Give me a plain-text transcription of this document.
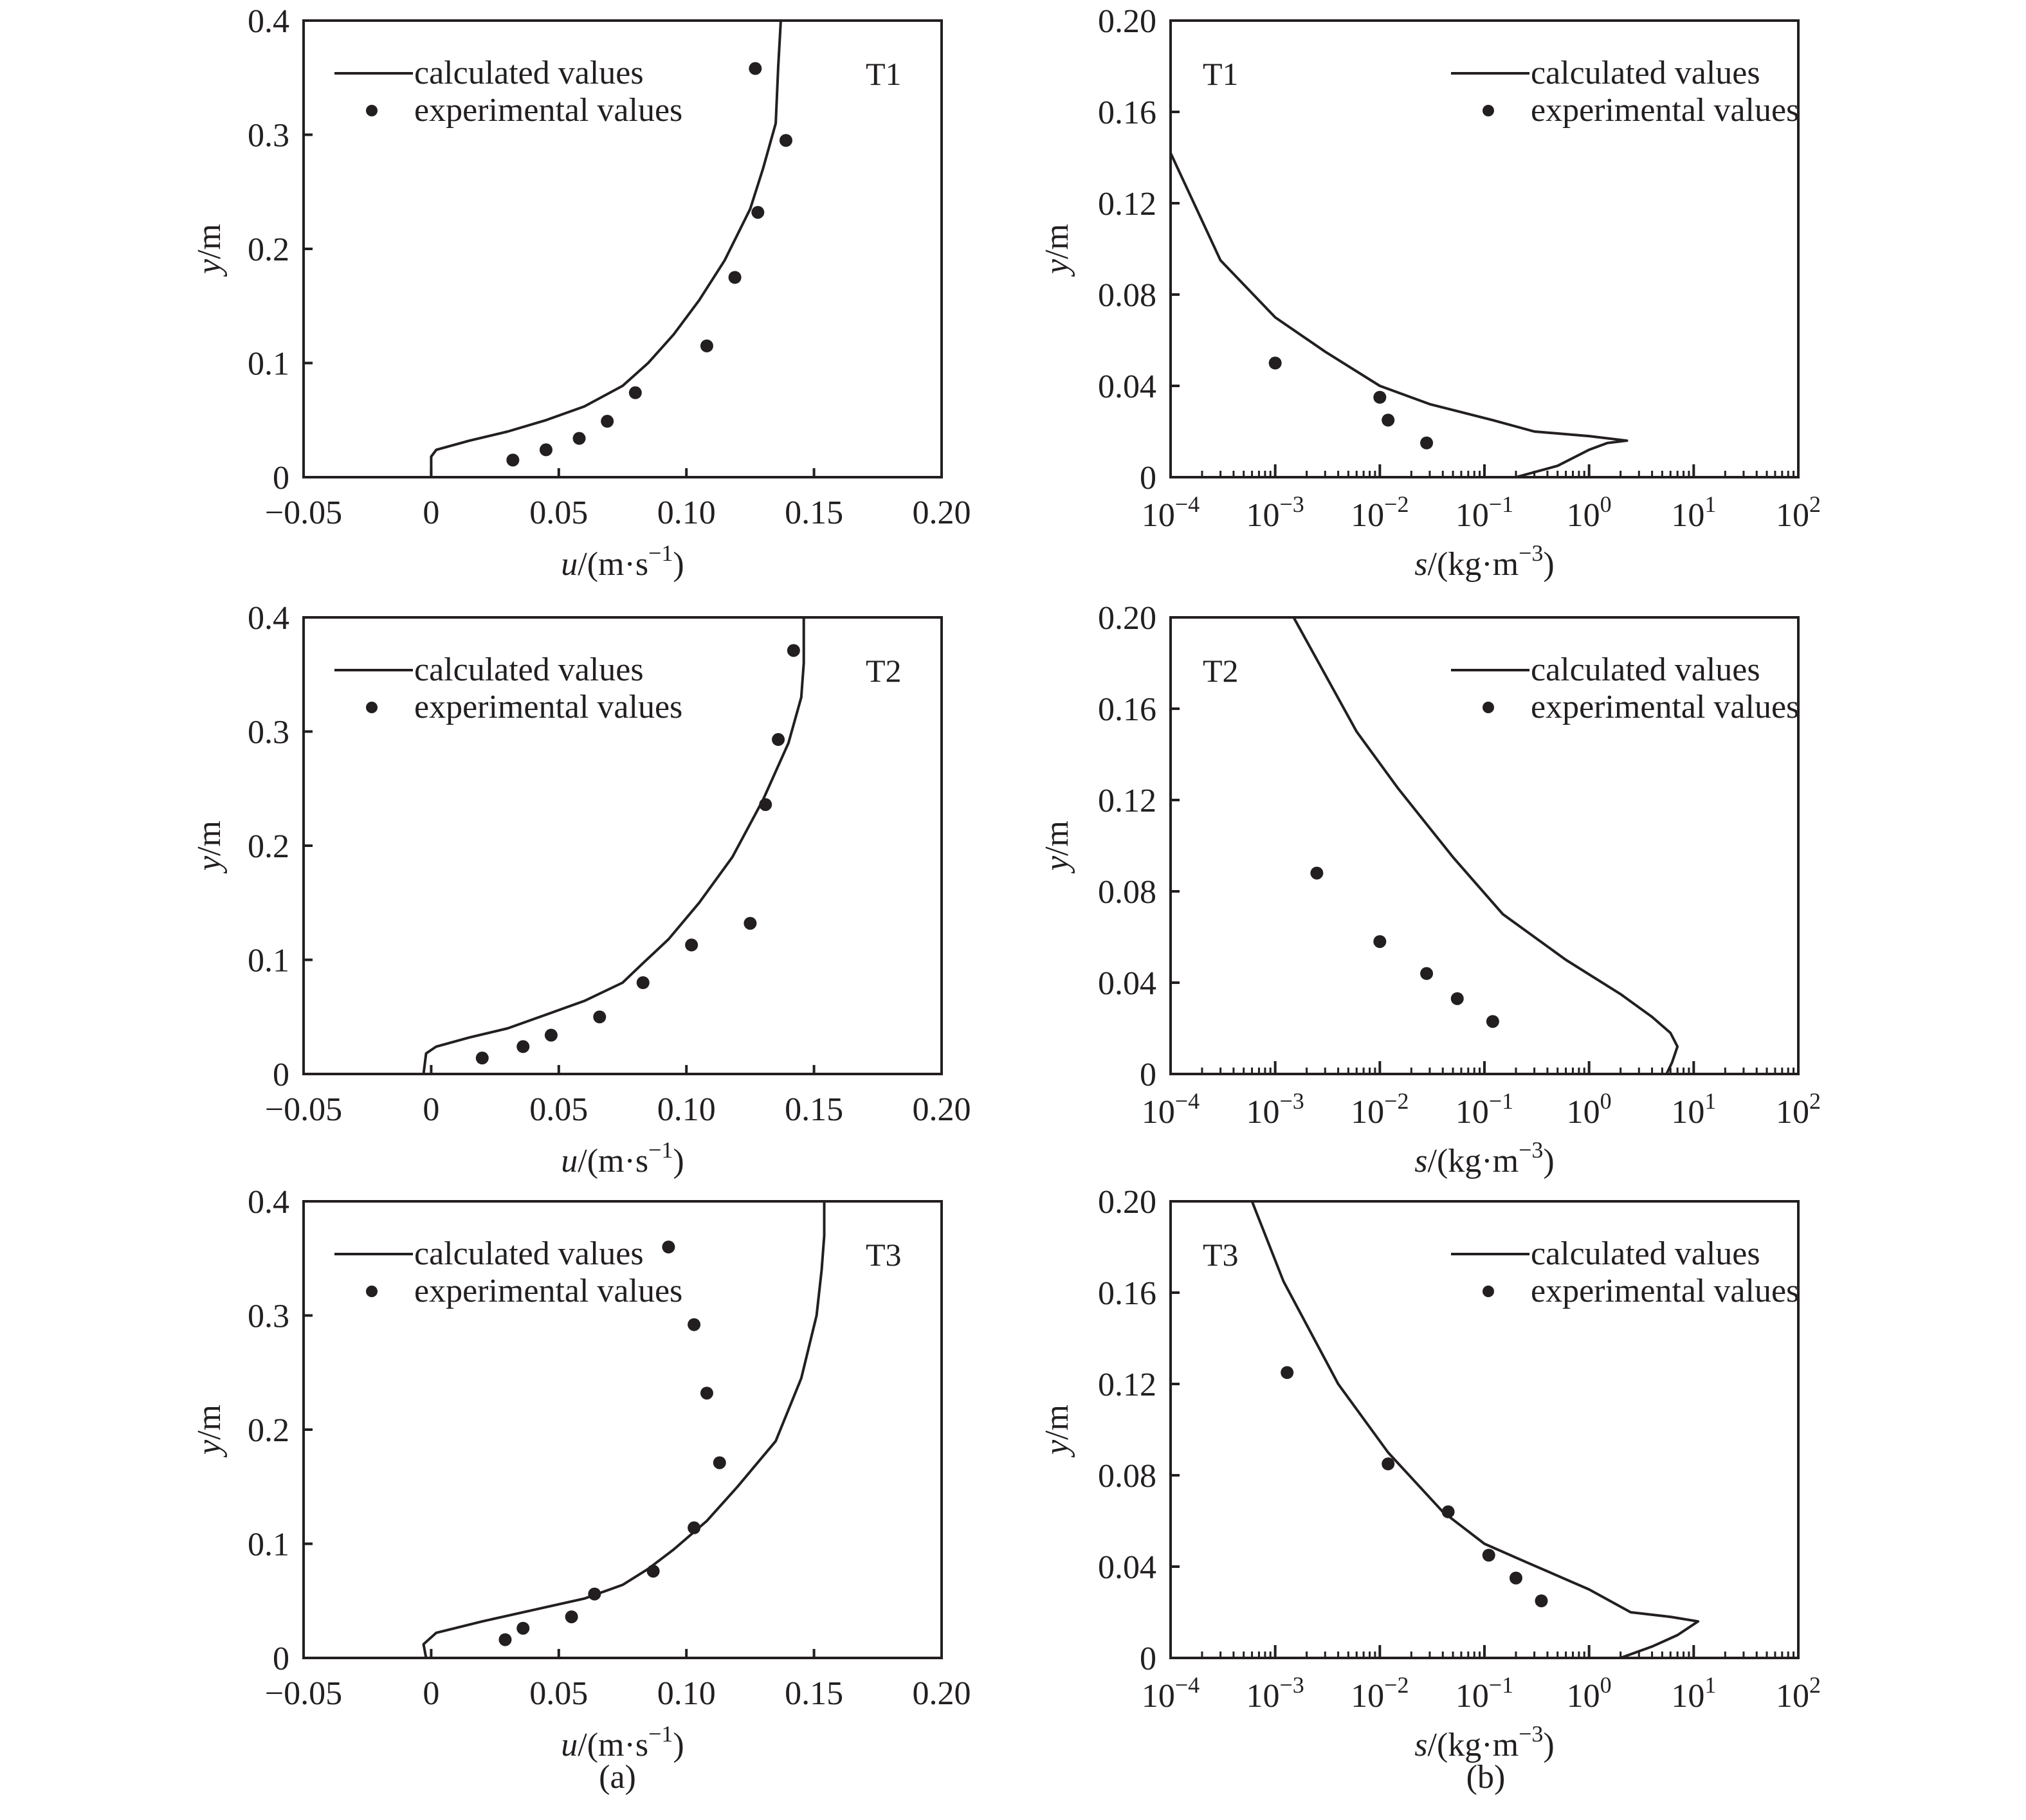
0
0.1
0.2
0.3
0.4
−0.05 0	0.05 0.10 0.15 0.20
$u/(m\cdot s^{-1})$
y/m
T1
calculated values
experimental values
0
0.04
0.08
0.12
0.16
0.20
$10^{-4}$ $10^{-3}$ $10^{-2}$ $10^{-1}$ $10^0$ $10^1$ $10^2$
$s/(kg\cdot m^{-3})$
y/m
T1	calculated values
experimental values
0
0.1
0.2
0.3
0.4
−0.05 0	0.05 0.10 0.15 0.20
$u/(m\cdot s^{-1})$
y/m
T2
calculated values
experimental values
0
0.04
0.08
0.12
0.16
0.20
$10^{-4}$ $10^{-3}$ $10^{-2}$ $10^{-1}$ $10^0$ $10^1$ $10^2$
$s/(kg\cdot m^{-3})$
y/m
T2	calculated values
experimental values
0
0.1
0.2
0.3
0.4
−0.05 0	0.05 0.10 0.15 0.20
$u/(m\cdot s^{-1})$
y/m
T3
calculated values
experimental values
0
0.04
0.08
0.12
0.16
0.20
$10^{-4}$ $10^{-3}$ $10^{-2}$ $10^{-1}$ $10^0$ $10^1$ $10^2$
$s/(kg\cdot m^{-3})$
y/m
T3	calculated values
experimental values
(a)	(b)
